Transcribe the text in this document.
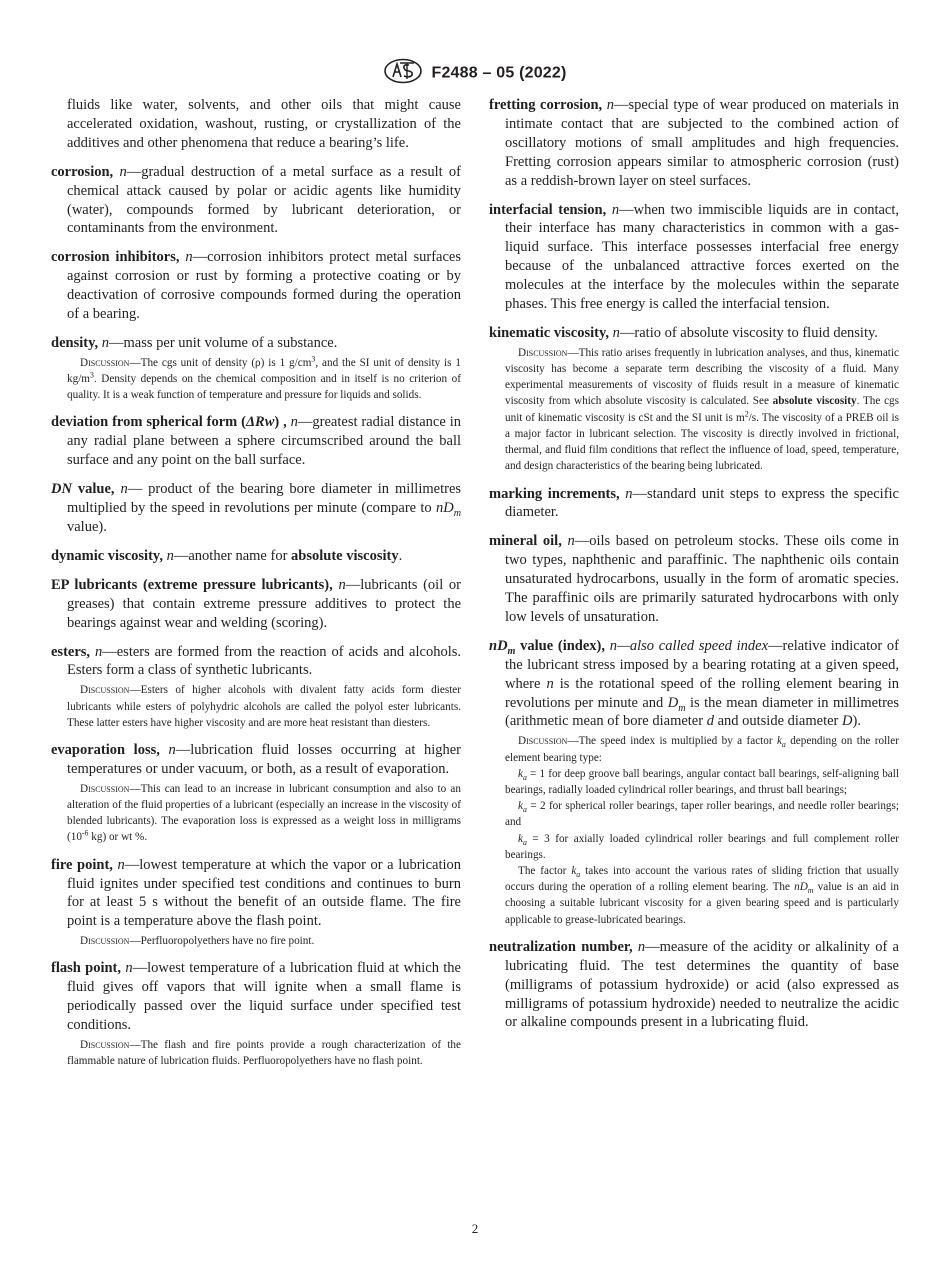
F2488 – 05 (2022)

fluids like water, solvents, and other oils that might cause accelerated oxidation, washout, rusting, or crystallization of the additives and other phenomena that reduce a bearing’s life.

corrosion, n—gradual destruction of a metal surface as a result of chemical attack caused by polar or acidic agents like humidity (water), compounds formed by lubricant deterioration, or contaminants from the environment.

corrosion inhibitors, n—corrosion inhibitors protect metal surfaces against corrosion or rust by forming a protective coating or by deactivation of corrosive compounds formed during the operation of a bearing.

density, n—mass per unit volume of a substance.

Discussion—The cgs unit of density (ρ) is 1 $g/cm^3$, and the SI unit of density is 1 $kg/m^3$. Density depends on the chemical composition and in itself is no criterion of quality. It is a weak function of temperature and pressure for liquids and solids.

deviation from spherical form (ΔRw) , n—greatest radial distance in any radial plane between a sphere circumscribed around the ball surface and any point on the ball surface.

DN value, n— product of the bearing bore diameter in millimetres multiplied by the speed in revolutions per minute (compare to $nD_m$ value).

dynamic viscosity, n—another name for absolute viscosity.

EP lubricants (extreme pressure lubricants), n—lubricants (oil or greases) that contain extreme pressure additives to protect the bearings against wear and welding (scoring).

esters, n—esters are formed from the reaction of acids and alcohols. Esters form a class of synthetic lubricants.

Discussion—Esters of higher alcohols with divalent fatty acids form diester lubricants while esters of polyhydric alcohols are called the polyol ester lubricants. These latter esters have higher viscosity and are more heat resistant than diesters.

evaporation loss, n—lubrication fluid losses occurring at higher temperatures or under vacuum, or both, as a result of evaporation.

Discussion—This can lead to an increase in lubricant consumption and also to an alteration of the fluid properties of a lubricant (especially an increase in the viscosity of blended lubricants). The evaporation loss is expressed as a weight loss in milligrams ($10^{-6}$ kg) or wt %.

fire point, n—lowest temperature at which the vapor or a lubrication fluid ignites under specified test conditions and continues to burn for at least 5 s without the benefit of an outside flame. The fire point is a temperature above the flash point.

Discussion—Perfluoropolyethers have no fire point.

flash point, n—lowest temperature of a lubrication fluid at which the fluid gives off vapors that will ignite when a small flame is periodically passed over the liquid surface under specified test conditions.

Discussion—The flash and fire points provide a rough characterization of the flammable nature of lubrication fluids. Perfluoropolyethers have no flash point.

fretting corrosion, n—special type of wear produced on materials in intimate contact that are subjected to the combined action of oscillatory motions of small amplitudes and high frequencies. Fretting corrosion appears similar to atmospheric corrosion (rust) as a reddish-brown layer on steel surfaces.

interfacial tension, n—when two immiscible liquids are in contact, their interface has many characteristics in common with a gas-liquid surface. This interface possesses interfacial free energy because of the unbalanced attractive forces exerted on the molecules at the interface by the molecules within the separate phases. This free energy is called the interfacial tension.

kinematic viscosity, n—ratio of absolute viscosity to fluid density.

Discussion—This ratio arises frequently in lubrication analyses, and thus, kinematic viscosity has become a separate term describing the viscosity of a fluid. Many experimental measurements of viscosity of fluids result in a measure of kinematic viscosity from which absolute viscosity is calculated. See absolute viscosity. The cgs unit of kinematic viscosity is cSt and the SI unit is $m^2/s$. The viscosity of a PREB oil is a major factor in lubricant selection. The viscosity is directly involved in frictional, thermal, and fluid film conditions that reflect the influence of load, speed, temperature, and design characteristics of the bearing being lubricated.

marking increments, n—standard unit steps to express the specific diameter.

mineral oil, n—oils based on petroleum stocks. These oils come in two types, naphthenic and paraffinic. The naphthenic oils contain unsaturated hydrocarbons, usually in the form of aromatic species. The paraffinic oils are primarily saturated hydrocarbons with only low levels of unsaturation.

$nD_m$ value (index), n—also called speed index—relative indicator of the lubricant stress imposed by a bearing rotating at a given speed, where n is the rotational speed of the rolling element bearing in revolutions per minute and $D_m$ is the mean diameter in millimetres (arithmetic mean of bore diameter d and outside diameter D).

Discussion—The speed index is multiplied by a factor $k_a$ depending on the roller element bearing type:

$k_a = 1$ for deep groove ball bearings, angular contact ball bearings, self-aligning ball bearings, radially loaded cylindrical roller bearings, and thrust ball bearings;

$k_a = 2$ for spherical roller bearings, taper roller bearings, and needle roller bearings; and

$k_a = 3$ for axially loaded cylindrical roller bearings and full complement roller bearings.

The factor $k_a$ takes into account the various rates of sliding friction that usually occurs during the operation of a rolling element bearing. The $nD_m$ value is an aid in choosing a suitable lubricant viscosity for a given bearing speed and is particularly applicable to grease-lubricated bearings.

neutralization number, n—measure of the acidity or alkalinity of a lubricating fluid. The test determines the quantity of base (milligrams of potassium hydroxide) or acid (also expressed as milligrams of potassium hydroxide) needed to neutralize the acidic or alkaline compounds present in a lubricating fluid.

2
